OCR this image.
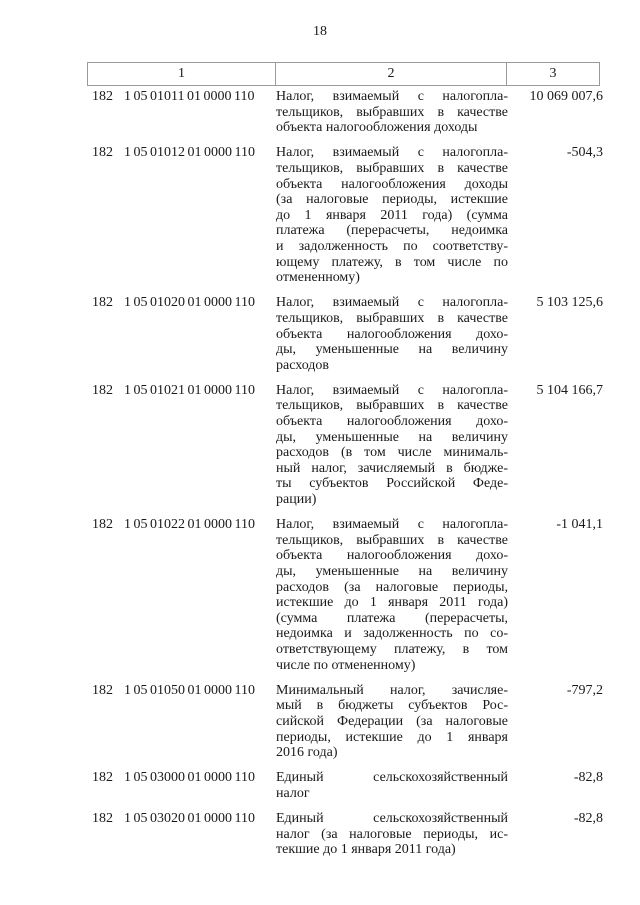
18
1	2	3
182 1 05 01011 01 0000 110	Налог, взимаемый с налогопла-
тельщиков, выбравших в качестве
объекта налогообложения доходы
10 069 007,6
182 1 05 01012 01 0000 110	Налог, взимаемый с налогопла-
тельщиков, выбравших в качестве
объекта налогообложения доходы
(за налоговые периоды, истекшие
до 1 января 2011 года) (сумма
платежа (перерасчеты, недоимка
и задолженность по соответству-
ющему платежу, в том числе по
отмененному)
-504,3
182 1 05 01020 01 0000 110	Налог, взимаемый с налогопла-
тельщиков, выбравших в качестве
объекта налогообложения дохо-
ды, уменьшенные на величину
расходов
5 103 125,6
182 1 05 01021 01 0000 110	Налог, взимаемый с налогопла-
тельщиков, выбравших в качестве
объекта налогообложения дохо-
ды, уменьшенные на величину
расходов (в том числе минималь-
ный налог, зачисляемый в бюдже-
ты субъектов Российской Феде-
рации)
5 104 166,7
182 1 05 01022 01 0000 110	Налог, взимаемый с налогопла-
тельщиков, выбравших в качестве
объекта налогообложения дохо-
ды, уменьшенные на величину
расходов (за налоговые периоды,
истекшие до 1 января 2011 года)
(сумма платежа (перерасчеты,
недоимка и задолженность по со-
ответствующему платежу, в том
числе по отмененному)
-1 041,1
182 1 05 01050 01 0000 110	Минимальный налог, зачисляе-
мый в бюджеты субъектов Рос-
сийской Федерации (за налоговые
периоды, истекшие до 1 января
2016 года)
-797,2
182 1 05 03000 01 0000 110	Единый сельскохозяйственный
налог
-82,8
182 1 05 03020 01 0000 110	Единый сельскохозяйственный
налог (за налоговые периоды, ис-
текшие до 1 января 2011 года)
-82,8
